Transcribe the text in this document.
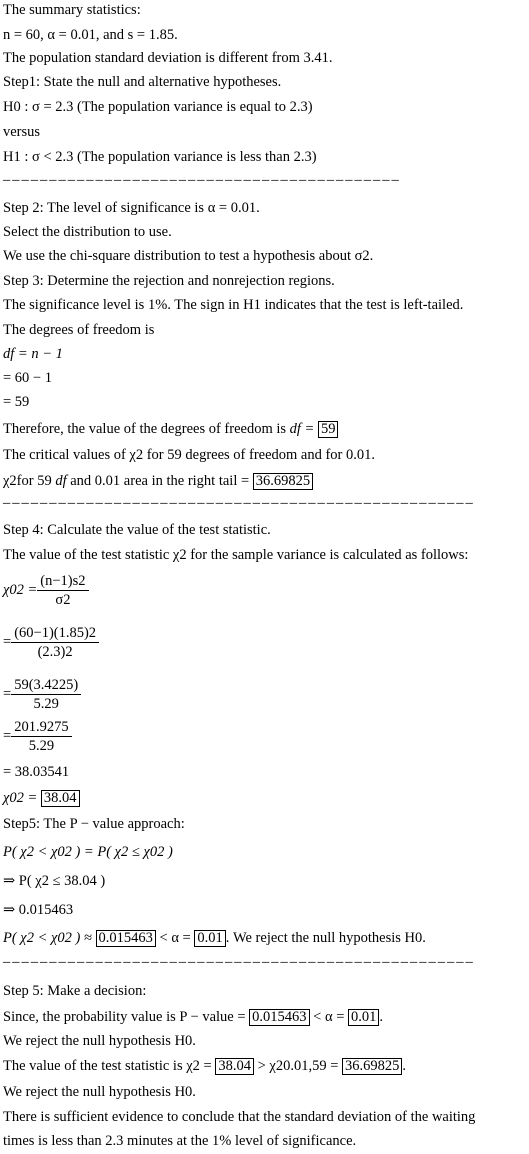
The summary statistics:
n = 60, α = 0.01, and s = 1.85.
The population standard deviation is different from 3.41.
Step1: State the null and alternative hypotheses.
H0 : σ = 2.3 (The population variance is equal to 2.3)
versus
H1 : σ < 2.3 (The population variance is less than 2.3)
–––––––––––––––––––––––––––––––––––––––––––
Step 2: The level of significance is α = 0.01.
Select the distribution to use.
We use the chi-square distribution to test a hypothesis about σ2.
Step 3: Determine the rejection and nonrejection regions.
The significance level is 1%. The sign in H1 indicates that the test is left-tailed.
The degrees of freedom is
df = n − 1
= 60 − 1
= 59
Therefore, the value of the degrees of freedom is df = 59
The critical values of χ2 for 59 degrees of freedom and for 0.01.
χ2for 59 df and 0.01 area in the right tail = 36.69825
–––––––––––––––––––––––––––––––––––––––––––––––––––
Step 4: Calculate the value of the test statistic.
The value of the test statistic χ2 for the sample variance is calculated as follows:
$\chi 02 = \frac{(n-1)s2}{\sigma 2}$
= $\frac{(60-1)(1.85)2}{(2.3)2}$
= $\frac{59(3.4225)}{5.29}$
= $\frac{201.9275}{5.29}$
= 38.03541
χ02 = 38.04
Step5: The P − value approach:
P( χ2 < χ02 ) = P( χ2 ≤ χ02 )
⇒ P( χ2 ≤ 38.04 )
⇒ 0.015463
P( χ2 < χ02 ) ≈ 0.015463 < α = 0.01 . We reject the null hypothesis H0.
–––––––––––––––––––––––––––––––––––––––––––––––––––
Step 5: Make a decision:
Since, the probability value is P − value = 0.015463 < α = 0.01 .
We reject the null hypothesis H0.
The value of the test statistic is χ2 = 38.04 > χ20.01,59 = 36.69825 .
We reject the null hypothesis H0.
There is sufficient evidence to conclude that the standard deviation of the waiting
times is less than 2.3 minutes at the 1% level of significance.
